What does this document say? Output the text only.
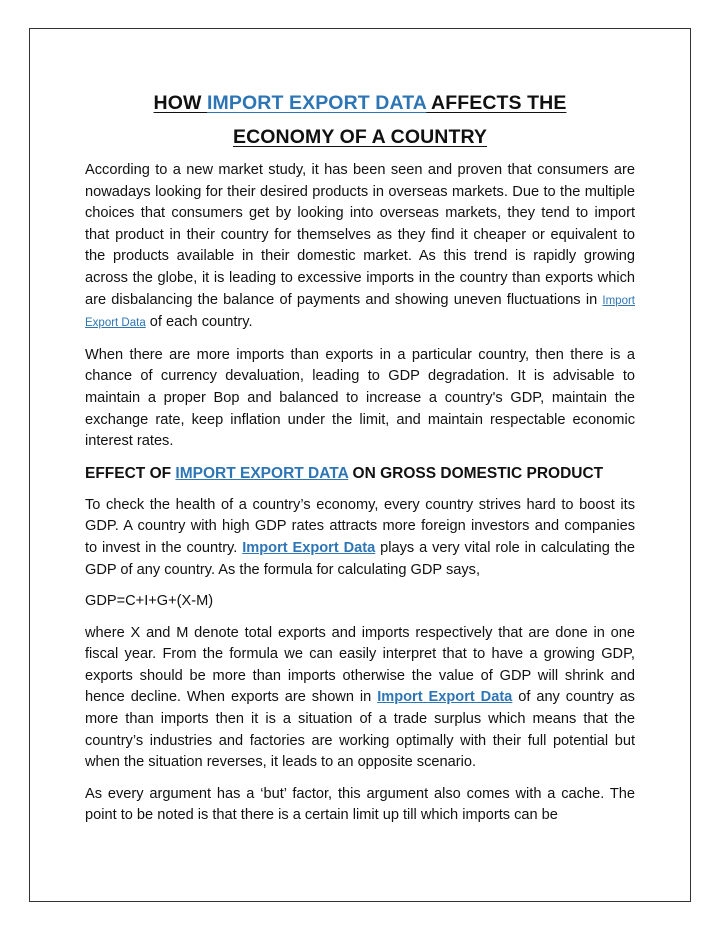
HOW IMPORT EXPORT DATA AFFECTS THE
ECONOMY OF A COUNTRY

According to a new market study, it has been seen and proven that consumers are nowadays looking for their desired products in overseas markets. Due to the multiple choices that consumers get by looking into overseas markets, they tend to import that product in their country for themselves as they find it cheaper or equivalent to the products available in their domestic market. As this trend is rapidly growing across the globe, it is leading to excessive imports in the country than exports which are disbalancing the balance of payments and showing uneven fluctuations in Import Export Data of each country.

When there are more imports than exports in a particular country, then there is a chance of currency devaluation, leading to GDP degradation. It is advisable to maintain a proper Bop and balanced to increase a country's GDP, maintain the exchange rate, keep inflation under the limit, and maintain respectable economic interest rates.

EFFECT OF IMPORT EXPORT DATA ON GROSS DOMESTIC PRODUCT

To check the health of a country’s economy, every country strives hard to boost its GDP. A country with high GDP rates attracts more foreign investors and companies to invest in the country. Import Export Data plays a very vital role in calculating the GDP of any country. As the formula for calculating GDP says,

GDP=C+I+G+(X-M)

where X and M denote total exports and imports respectively that are done in one fiscal year. From the formula we can easily interpret that to have a growing GDP, exports should be more than imports otherwise the value of GDP will shrink and hence decline. When exports are shown in Import Export Data of any country as more than imports then it is a situation of a trade surplus which means that the country’s industries and factories are working optimally with their full potential but when the situation reverses, it leads to an opposite scenario.

As every argument has a ‘but’ factor, this argument also comes with a cache. The point to be noted is that there is a certain limit up till which imports can be
